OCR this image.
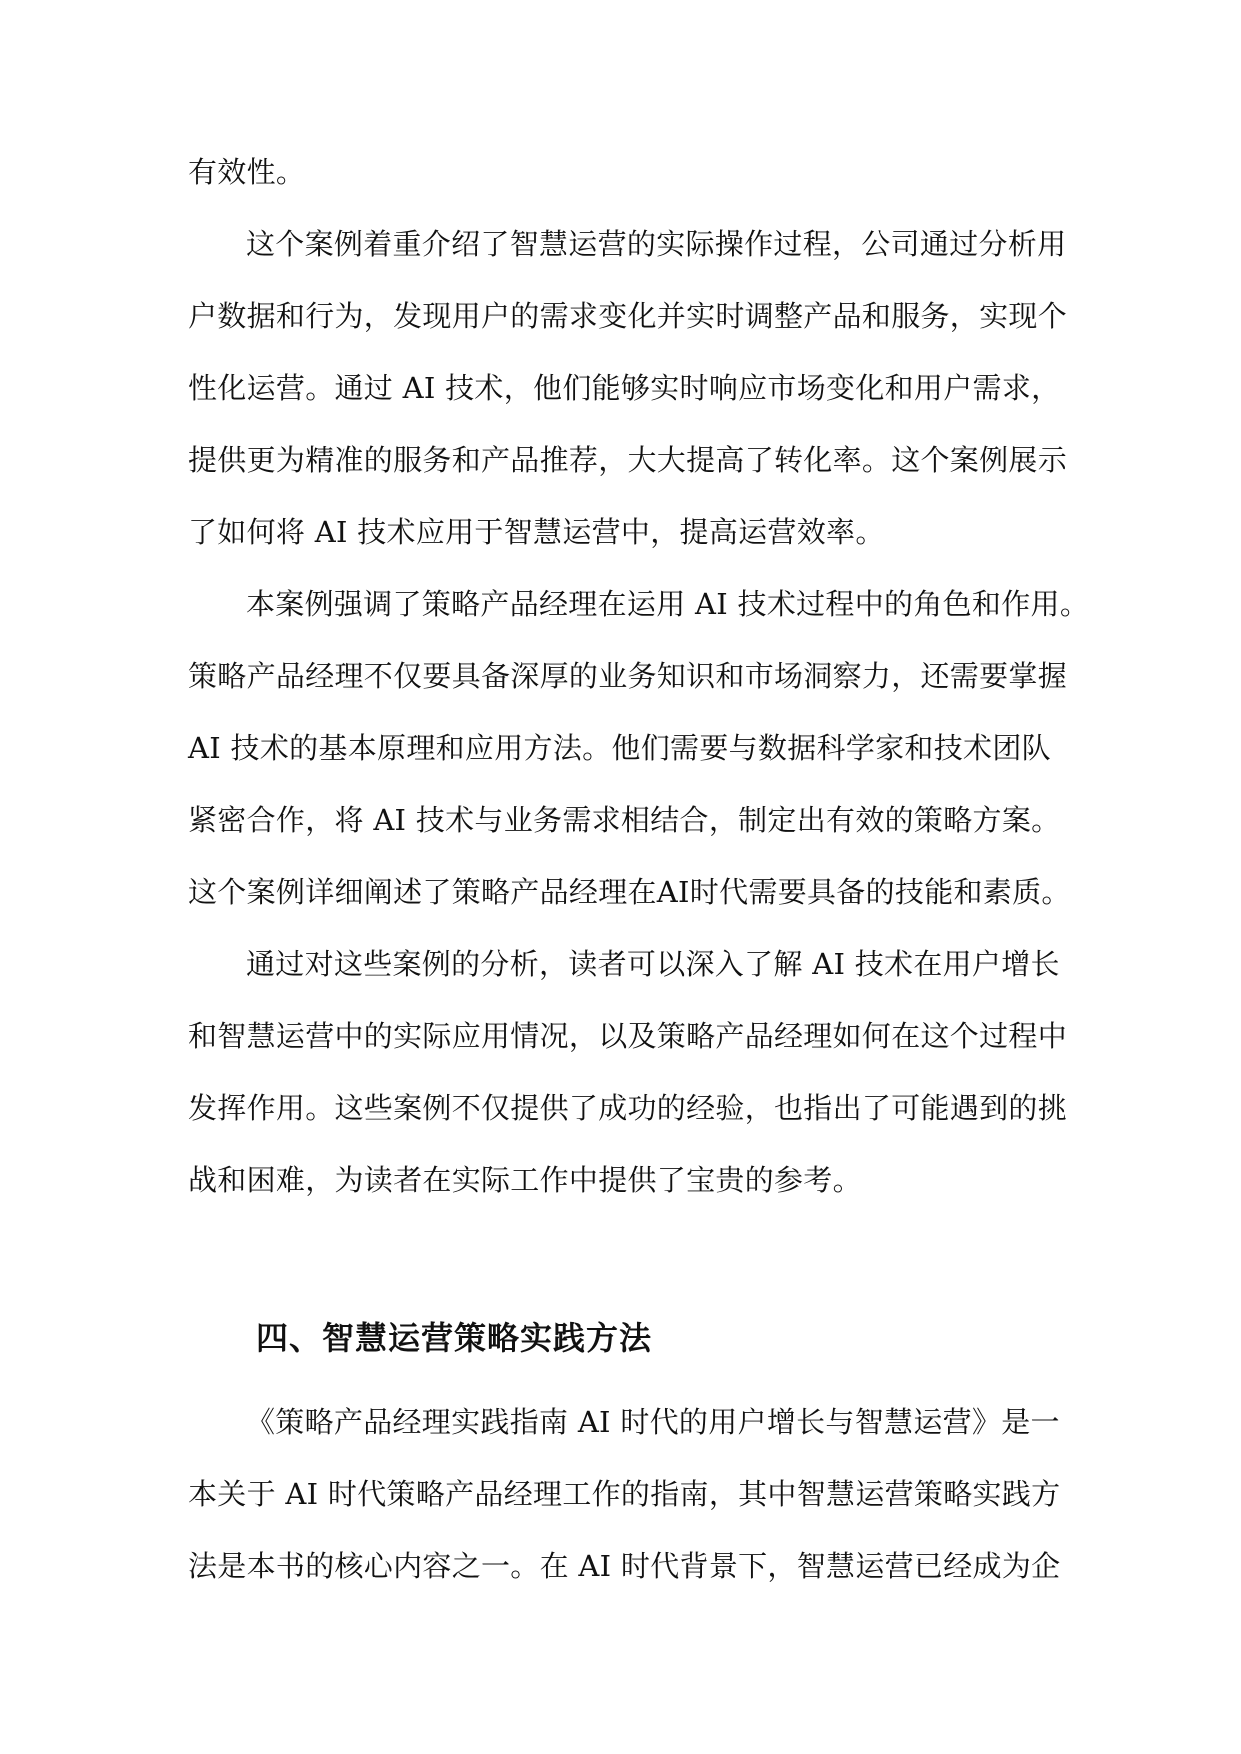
有效性。
这个案例着重介绍了智慧运营的实际操作过程，公司通过分析用
户数据和行为，发现用户的需求变化并实时调整产品和服务，实现个
性化运营。通过 AI 技术，他们能够实时响应市场变化和用户需求，
提供更为精准的服务和产品推荐，大大提高了转化率。这个案例展示
了如何将 AI 技术应用于智慧运营中，提高运营效率。
本案例强调了策略产品经理在运用 AI 技术过程中的角色和作用。
策略产品经理不仅要具备深厚的业务知识和市场洞察力，还需要掌握
AI 技术的基本原理和应用方法。他们需要与数据科学家和技术团队
紧密合作，将 AI 技术与业务需求相结合，制定出有效的策略方案。
这个案例详细阐述了策略产品经理在AI时代需要具备的技能和素质。
通过对这些案例的分析，读者可以深入了解 AI 技术在用户增长
和智慧运营中的实际应用情况，以及策略产品经理如何在这个过程中
发挥作用。这些案例不仅提供了成功的经验，也指出了可能遇到的挑
战和困难，为读者在实际工作中提供了宝贵的参考。
四、智慧运营策略实践方法
《策略产品经理实践指南 AI 时代的用户增长与智慧运营》是一
本关于 AI 时代策略产品经理工作的指南，其中智慧运营策略实践方
法是本书的核心内容之一。在 AI 时代背景下，智慧运营已经成为企
